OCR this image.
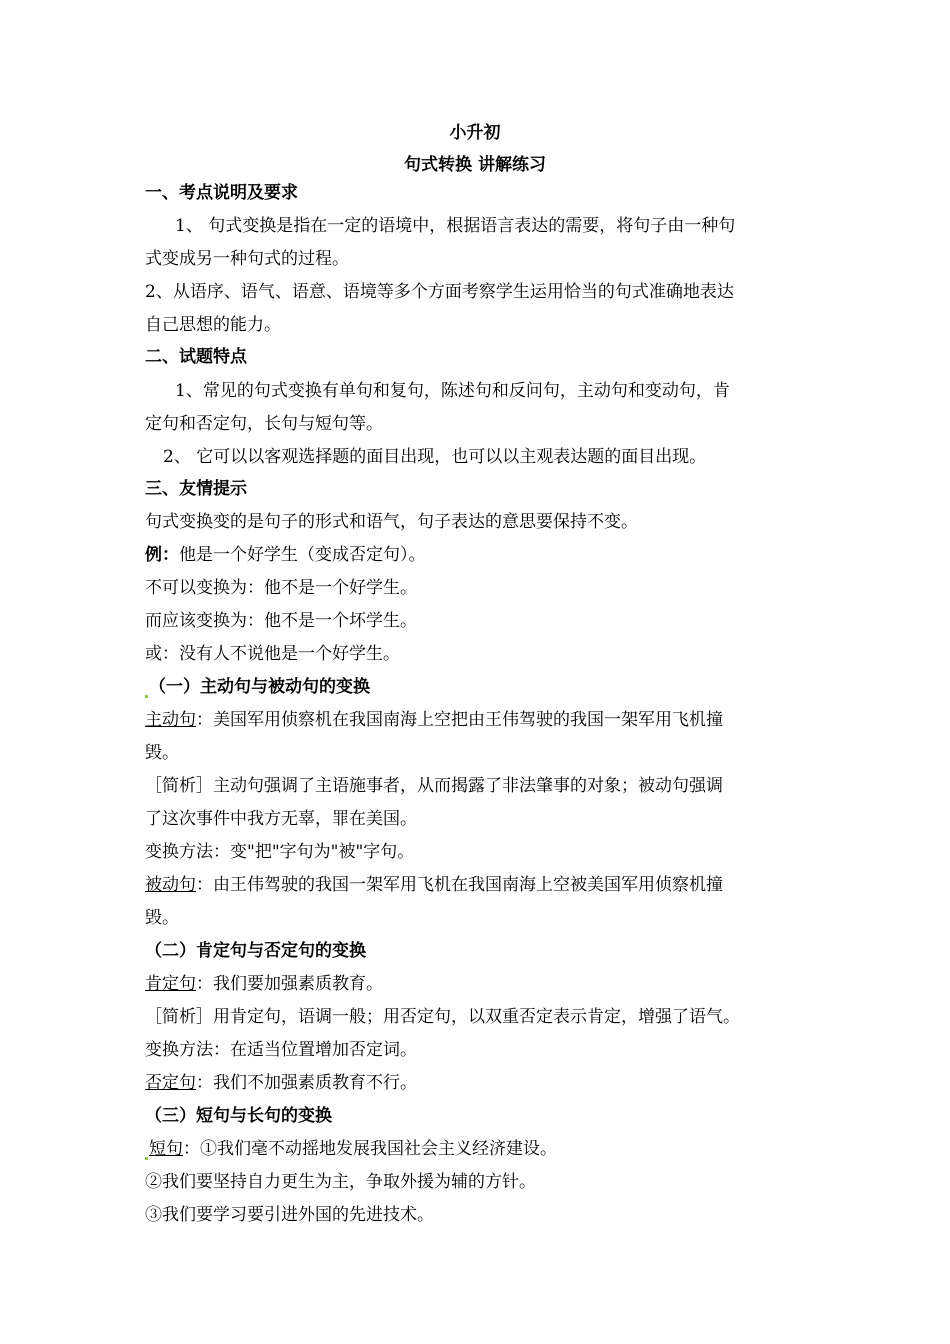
小升初
句式转换 讲解练习
一、考点说明及要求
1、 句式变换是指在一定的语境中，根据语言表达的需要，将句子由一种句
式变成另一种句式的过程。
2、从语序、语气、语意、语境等多个方面考察学生运用恰当的句式准确地表达
自己思想的能力。
二、试题特点
1、常见的句式变换有单句和复句，陈述句和反问句，主动句和变动句，肯
定句和否定句，长句与短句等。
2、 它可以以客观选择题的面目出现，也可以以主观表达题的面目出现。
三、友情提示
句式变换变的是句子的形式和语气，句子表达的意思要保持不变。
例：他是一个好学生（变成否定句）。
不可以变换为：他不是一个好学生。
而应该变换为：他不是一个坏学生。
或：没有人不说他是一个好学生。
（一）主动句与被动句的变换
主动句：美国军用侦察机在我国南海上空把由王伟驾驶的我国一架军用飞机撞
毁。
［简析］主动句强调了主语施事者，从而揭露了非法肇事的对象；被动句强调
了这次事件中我方无辜，罪在美国。
变换方法：变"把"字句为"被"字句。
被动句：由王伟驾驶的我国一架军用飞机在我国南海上空被美国军用侦察机撞
毁。
（二）肯定句与否定句的变换
肯定句：我们要加强素质教育。
［简析］用肯定句，语调一般；用否定句，以双重否定表示肯定，增强了语气。
变换方法：在适当位置增加否定词。
否定句：我们不加强素质教育不行。
（三）短句与长句的变换
短句：①我们毫不动摇地发展我国社会主义经济建设。
②我们要坚持自力更生为主，争取外援为辅的方针。
③我们要学习要引进外国的先进技术。
